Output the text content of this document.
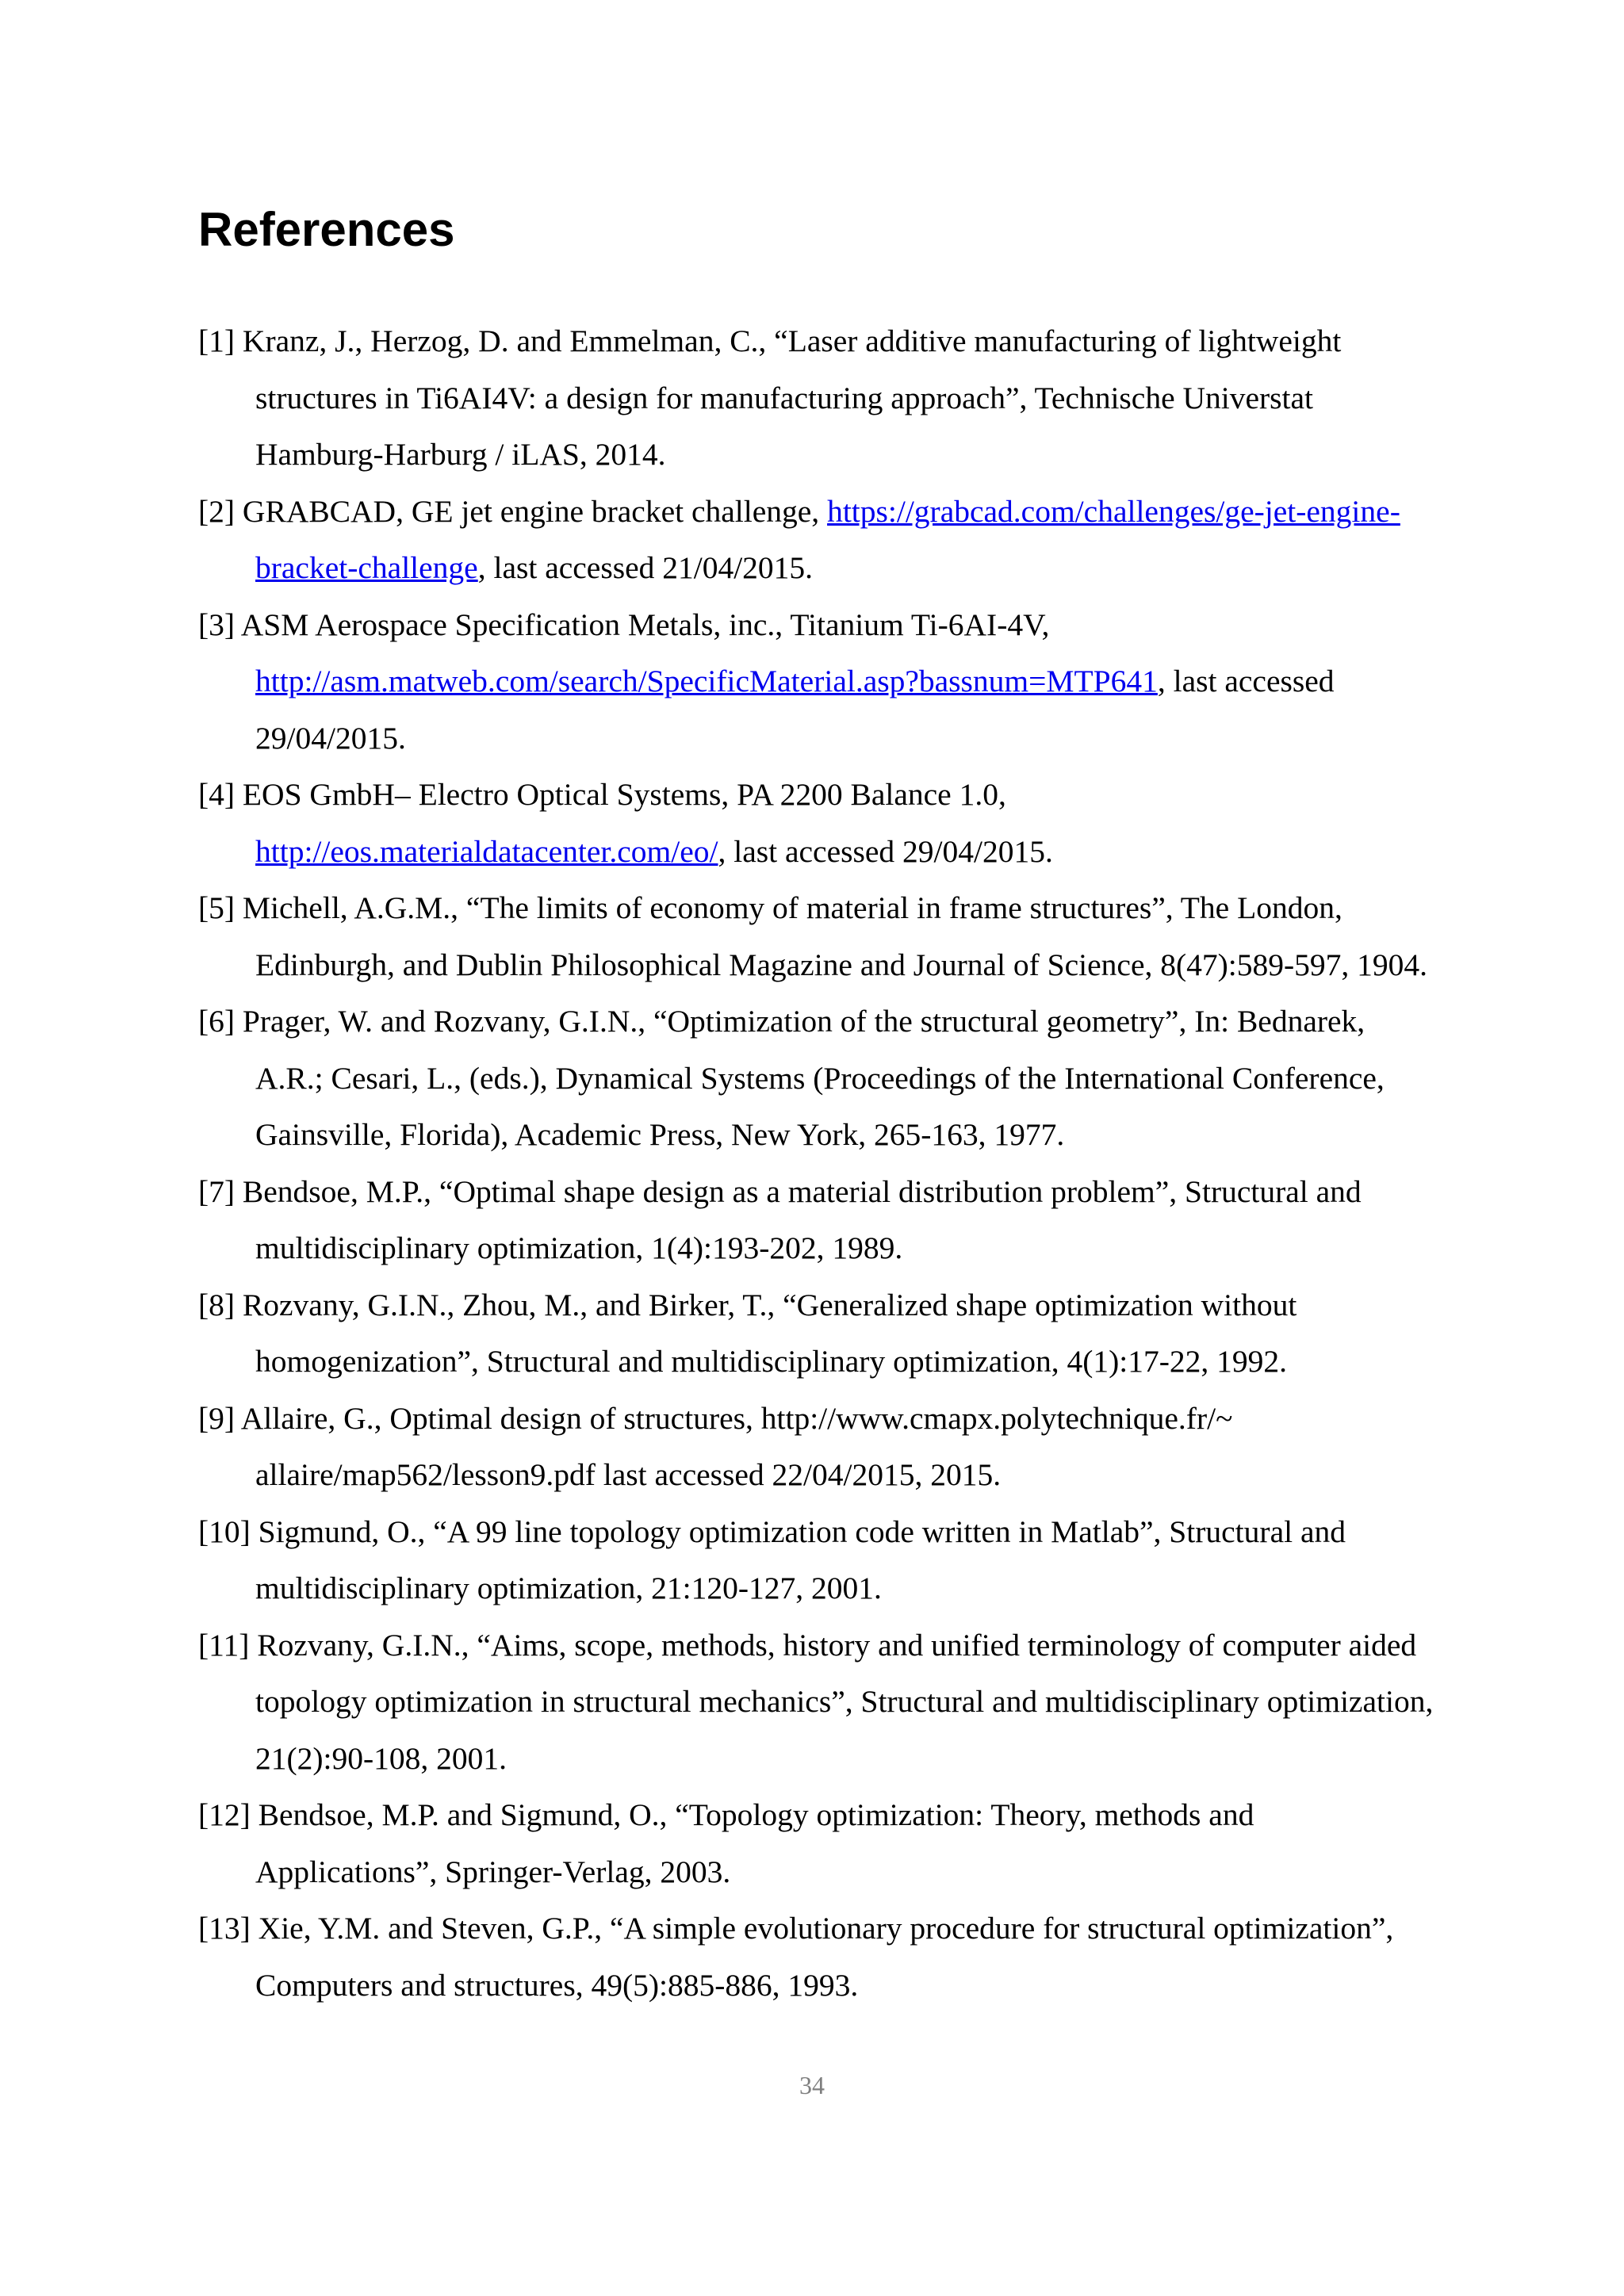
References
[1] Kranz, J., Herzog, D. and Emmelman, C., “Laser additive manufacturing of lightweight structures in Ti6AI4V: a design for manufacturing approach”, Technische Universtat Hamburg-Harburg / iLAS, 2014.
[2] GRABCAD, GE jet engine bracket challenge, https://grabcad.com/challenges/ge-jet-engine-bracket-challenge, last accessed 21/04/2015.
[3] ASM Aerospace Specification Metals, inc., Titanium Ti-6AI-4V, http://asm.matweb.com/search/SpecificMaterial.asp?bassnum=MTP641, last accessed 29/04/2015.
[4] EOS GmbH– Electro Optical Systems, PA 2200 Balance 1.0, http://eos.materialdatacenter.com/eo/, last accessed 29/04/2015.
[5] Michell, A.G.M., “The limits of economy of material in frame structures”, The London, Edinburgh, and Dublin Philosophical Magazine and Journal of Science, 8(47):589-597, 1904.
[6] Prager, W. and Rozvany, G.I.N., “Optimization of the structural geometry”, In: Bednarek, A.R.; Cesari, L., (eds.), Dynamical Systems (Proceedings of the International Conference, Gainsville, Florida), Academic Press, New York, 265-163, 1977.
[7] Bendsoe, M.P., “Optimal shape design as a material distribution problem”, Structural and multidisciplinary optimization, 1(4):193-202, 1989.
[8] Rozvany, G.I.N., Zhou, M., and Birker, T., “Generalized shape optimization without homogenization”, Structural and multidisciplinary optimization, 4(1):17-22, 1992.
[9] Allaire, G., Optimal design of structures, http://www.cmapx.polytechnique.fr/~ allaire/map562/lesson9.pdf last accessed 22/04/2015, 2015.
[10] Sigmund, O., “A 99 line topology optimization code written in Matlab”, Structural and multidisciplinary optimization, 21:120-127, 2001.
[11] Rozvany, G.I.N., “Aims, scope, methods, history and unified terminology of computer aided topology optimization in structural mechanics”, Structural and multidisciplinary optimization, 21(2):90-108, 2001.
[12] Bendsoe, M.P. and Sigmund, O., “Topology optimization: Theory, methods and Applications”, Springer-Verlag, 2003.
[13] Xie, Y.M. and Steven, G.P., “A simple evolutionary procedure for structural optimization”, Computers and structures, 49(5):885-886, 1993.
34
